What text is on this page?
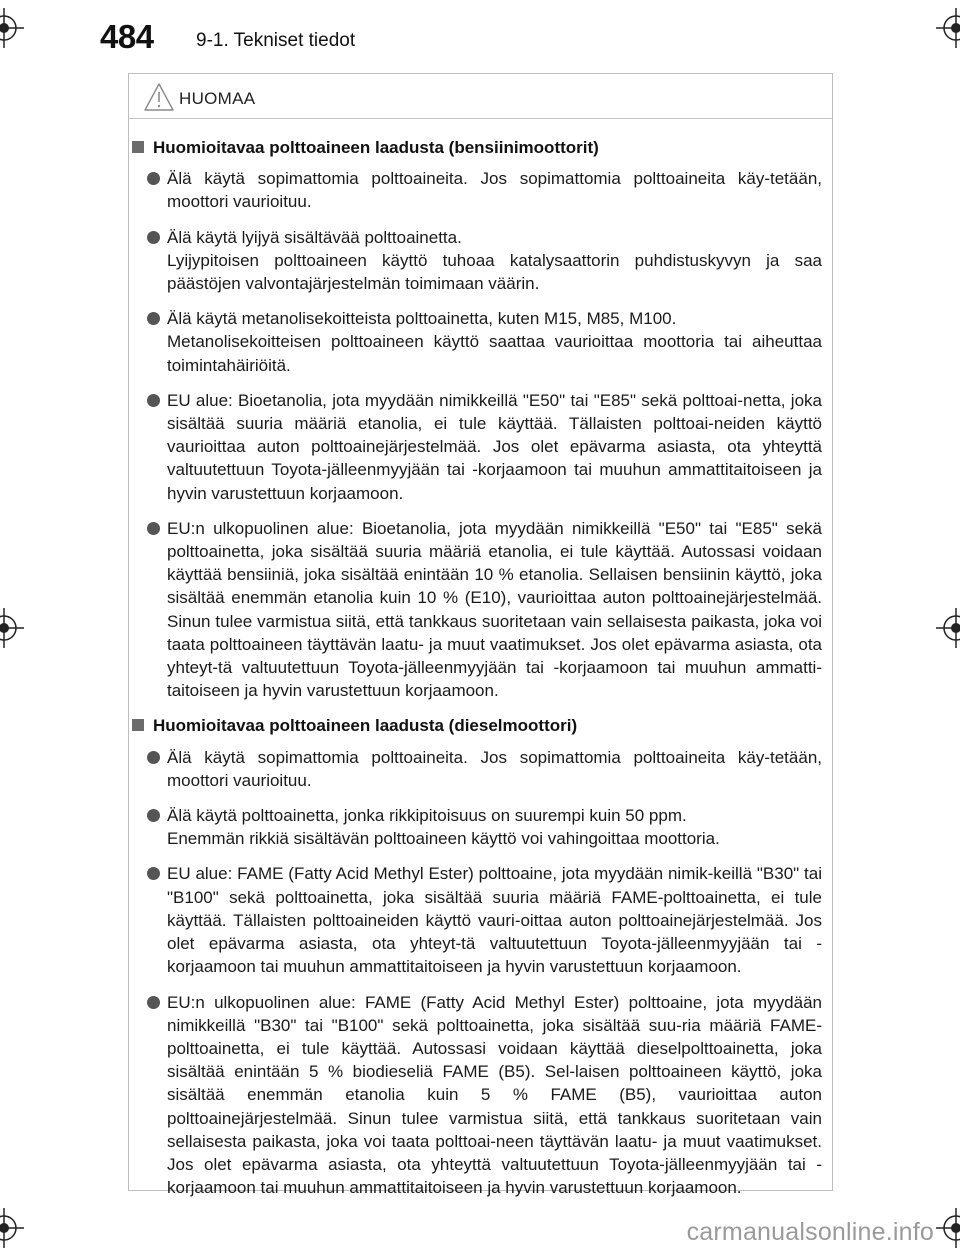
484 9-1. Tekniset tiedot
HUOMAA
Huomioitavaa polttoaineen laadusta (bensiinimoottorit)
Älä käytä sopimattomia polttoaineita. Jos sopimattomia polttoaineita käy-tetään, moottori vaurioituu.
Älä käytä lyijyä sisältävää polttoainetta.
Lyijypitoisen polttoaineen käyttö tuhoaa katalysaattorin puhdistuskyvyn ja saa päästöjen valvontajärjestelmän toimimaan väärin.
Älä käytä metanolisekoitteista polttoainetta, kuten M15, M85, M100.
Metanolisekoitteisen polttoaineen käyttö saattaa vaurioittaa moottoria tai aiheuttaa toimintahäiriöitä.
EU alue: Bioetanolia, jota myydään nimikkeillä "E50" tai "E85" sekä polttoai-netta, joka sisältää suuria määriä etanolia, ei tule käyttää. Tällaisten polttoai-neiden käyttö vaurioittaa auton polttoainejärjestelmää. Jos olet epävarma asiasta, ota yhteyttä valtuutettuun Toyota-jälleenmyyjään tai -korjaamoon tai muuhun ammattitaitoiseen ja hyvin varustettuun korjaamoon.
EU:n ulkopuolinen alue: Bioetanolia, jota myydään nimikkeillä "E50" tai "E85" sekä polttoainetta, joka sisältää suuria määriä etanolia, ei tule käyttää. Autossasi voidaan käyttää bensiiniä, joka sisältää enintään 10 % etanolia. Sellaisen bensiinin käyttö, joka sisältää enemmän etanolia kuin 10 % (E10), vaurioittaa auton polttoainejärjestelmää. Sinun tulee varmistua siitä, että tankkaus suoritetaan vain sellaisesta paikasta, joka voi taata polttoaineen täyttävän laatu- ja muut vaatimukset. Jos olet epävarma asiasta, ota yhteyt-tä valtuutettuun Toyota-jälleenmyyjään tai -korjaamoon tai muuhun ammatti-taitoiseen ja hyvin varustettuun korjaamoon.
Huomioitavaa polttoaineen laadusta (dieselmoottori)
Älä käytä sopimattomia polttoaineita. Jos sopimattomia polttoaineita käy-tetään, moottori vaurioituu.
Älä käytä polttoainetta, jonka rikkipitoisuus on suurempi kuin 50 ppm.
Enemmän rikkiä sisältävän polttoaineen käyttö voi vahingoittaa moottoria.
EU alue: FAME (Fatty Acid Methyl Ester) polttoaine, jota myydään nimik-keillä "B30" tai "B100" sekä polttoainetta, joka sisältää suuria määriä FAME-polttoainetta, ei tule käyttää. Tällaisten polttoaineiden käyttö vauri-oittaa auton polttoainejärjestelmää. Jos olet epävarma asiasta, ota yhteyt-tä valtuutettuun Toyota-jälleenmyyjään tai -korjaamoon tai muuhun ammattitaitoiseen ja hyvin varustettuun korjaamoon.
EU:n ulkopuolinen alue: FAME (Fatty Acid Methyl Ester) polttoaine, jota myydään nimikkeillä "B30" tai "B100" sekä polttoainetta, joka sisältää suu-ria määriä FAME-polttoainetta, ei tule käyttää. Autossasi voidaan käyttää dieselpolttoainetta, joka sisältää enintään 5 % biodieseliä FAME (B5). Sel-laisen polttoaineen käyttö, joka sisältää enemmän etanolia kuin 5 % FAME (B5), vaurioittaa auton polttoainejärjestelmää. Sinun tulee varmistua siitä, että tankkaus suoritetaan vain sellaisesta paikasta, joka voi taata polttoai-neen täyttävän laatu- ja muut vaatimukset. Jos olet epävarma asiasta, ota yhteyttä valtuutettuun Toyota-jälleenmyyjään tai -korjaamoon tai muuhun ammattitaitoiseen ja hyvin varustettuun korjaamoon.
carmanualsonline.info
